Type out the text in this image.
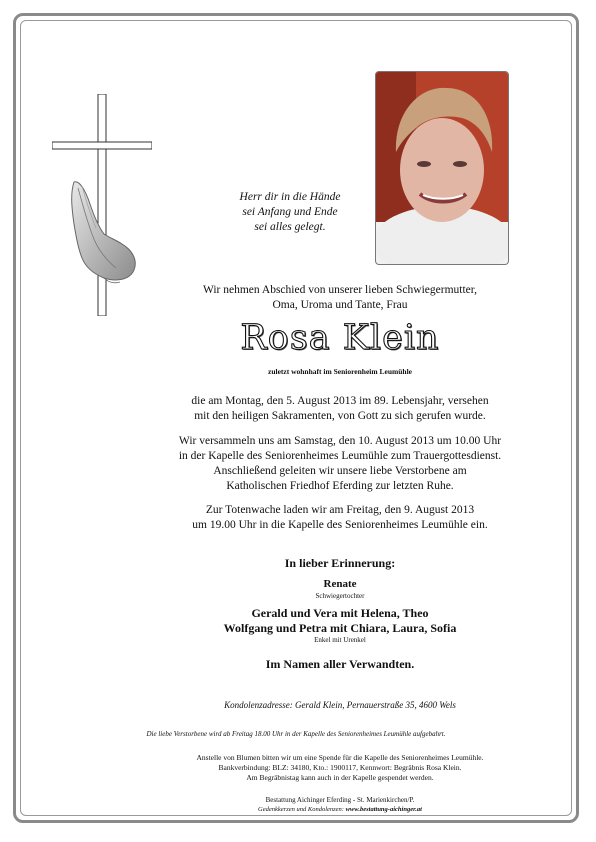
Herr dir in die Hände
sei Anfang und Ende
sei alles gelegt.
Wir nehmen Abschied von unserer lieben Schwiegermutter,
Oma, Uroma und Tante, Frau
Rosa Klein
zuletzt wohnhaft im Seniorenheim Leumühle
die am Montag, den 5. August 2013 im 89. Lebensjahr, versehen
mit den heiligen Sakramenten, von Gott zu sich gerufen wurde.
Wir versammeln uns am Samstag, den 10. August 2013 um 10.00 Uhr
in der Kapelle des Seniorenheimes Leumühle zum Trauergottesdienst.
Anschließend geleiten wir unsere liebe Verstorbene am
Katholischen Friedhof Eferding zur letzten Ruhe.
Zur Totenwache laden wir am Freitag, den 9. August 2013
um 19.00 Uhr in die Kapelle des Seniorenheimes Leumühle ein.
In lieber Erinnerung:
Renate
Schwiegertochter
Gerald und Vera mit Helena, Theo
Wolfgang und Petra mit Chiara, Laura, Sofia
Enkel mit Urenkel
Im Namen aller Verwandten.
Kondolenzadresse: Gerald Klein, Pernauerstraße 35, 4600 Wels
Die liebe Verstorbene wird ab Freitag 18.00 Uhr in der Kapelle des Seniorenheimes Leumühle aufgebahrt.
Anstelle von Blumen bitten wir um eine Spende für die Kapelle des Seniorenheimes Leumühle.
Bankverbindung: BLZ: 34180, Kto.: 1900117, Kennwort: Begräbnis Rosa Klein.
Am Begräbnistag kann auch in der Kapelle gespendet werden.
Bestattung Aichinger Eferding - St. Marienkirchen/P.
Gedenkkerzen und Kondolenzen: www.bestattung-aichinger.at
